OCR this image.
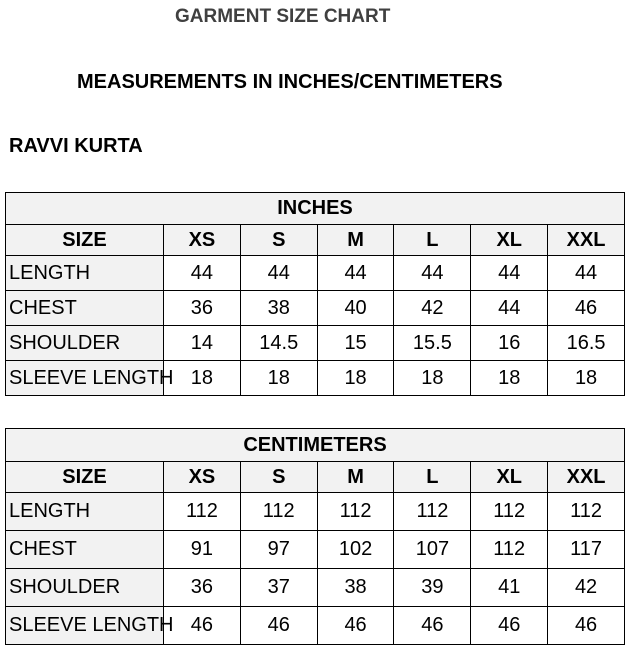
GARMENT SIZE CHART
MEASUREMENTS IN INCHES/CENTIMETERS
RAVVI KURTA
INCHES						
SIZE	XS	S	M	L	XL	XXL
LENGTH	44	44	44	44	44	44
CHEST	36	38	40	42	44	46
SHOULDER	14	14.5	15	15.5	16	16.5
SLEEVE LENGTH	18	18	18	18	18	18
CENTIMETERS						
SIZE	XS	S	M	L	XL	XXL
LENGTH	112	112	112	112	112	112
CHEST	91	97	102	107	112	117
SHOULDER	36	37	38	39	41	42
SLEEVE LENGTH	46	46	46	46	46	46
